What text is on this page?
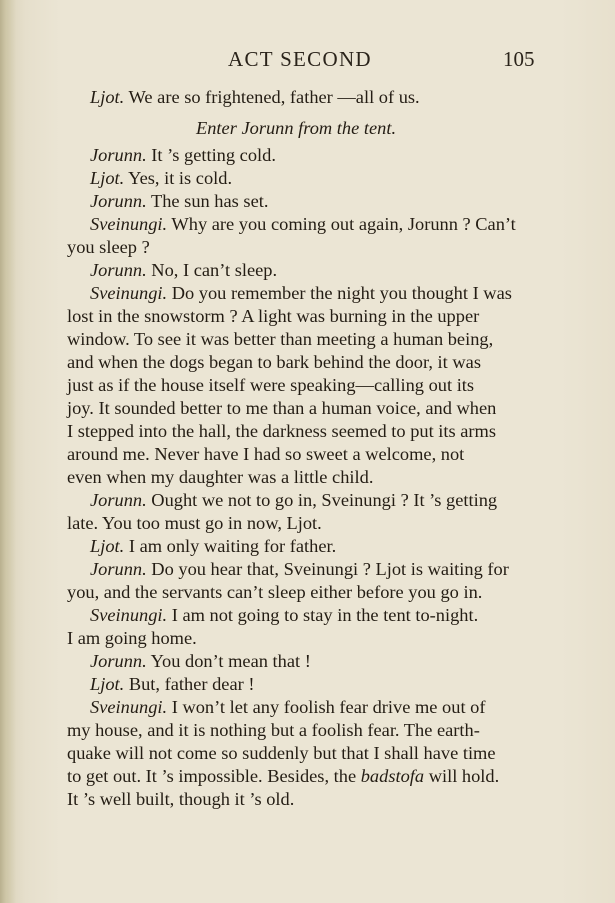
ACT SECOND	105
Ljot. We are so frightened, father —all of us.
Enter Jorunn from the tent.
Jorunn. It ’s getting cold.
Ljot. Yes, it is cold.
Jorunn. The sun has set.
Sveinungi. Why are you coming out again, Jorunn ? Can’t
you sleep ?
Jorunn. No, I can’t sleep.
Sveinungi. Do you remember the night you thought I was
lost in the snowstorm ? A light was burning in the upper
window. To see it was better than meeting a human being,
and when the dogs began to bark behind the door, it was
just as if the house itself were speaking—calling out its
joy. It sounded better to me than a human voice, and when
I stepped into the hall, the darkness seemed to put its arms
around me. Never have I had so sweet a welcome, not
even when my daughter was a little child.
Jorunn. Ought we not to go in, Sveinungi ? It ’s getting
late. You too must go in now, Ljot.
Ljot. I am only waiting for father.
Jorunn. Do you hear that, Sveinungi ? Ljot is waiting for
you, and the servants can’t sleep either before you go in.
Sveinungi. I am not going to stay in the tent to-night.
I am going home.
Jorunn. You don’t mean that !
Ljot. But, father dear !
Sveinungi. I won’t let any foolish fear drive me out of
my house, and it is nothing but a foolish fear. The earth-
quake will not come so suddenly but that I shall have time
to get out. It ’s impossible. Besides, the badstofa will hold.
It ’s well built, though it ’s old.
